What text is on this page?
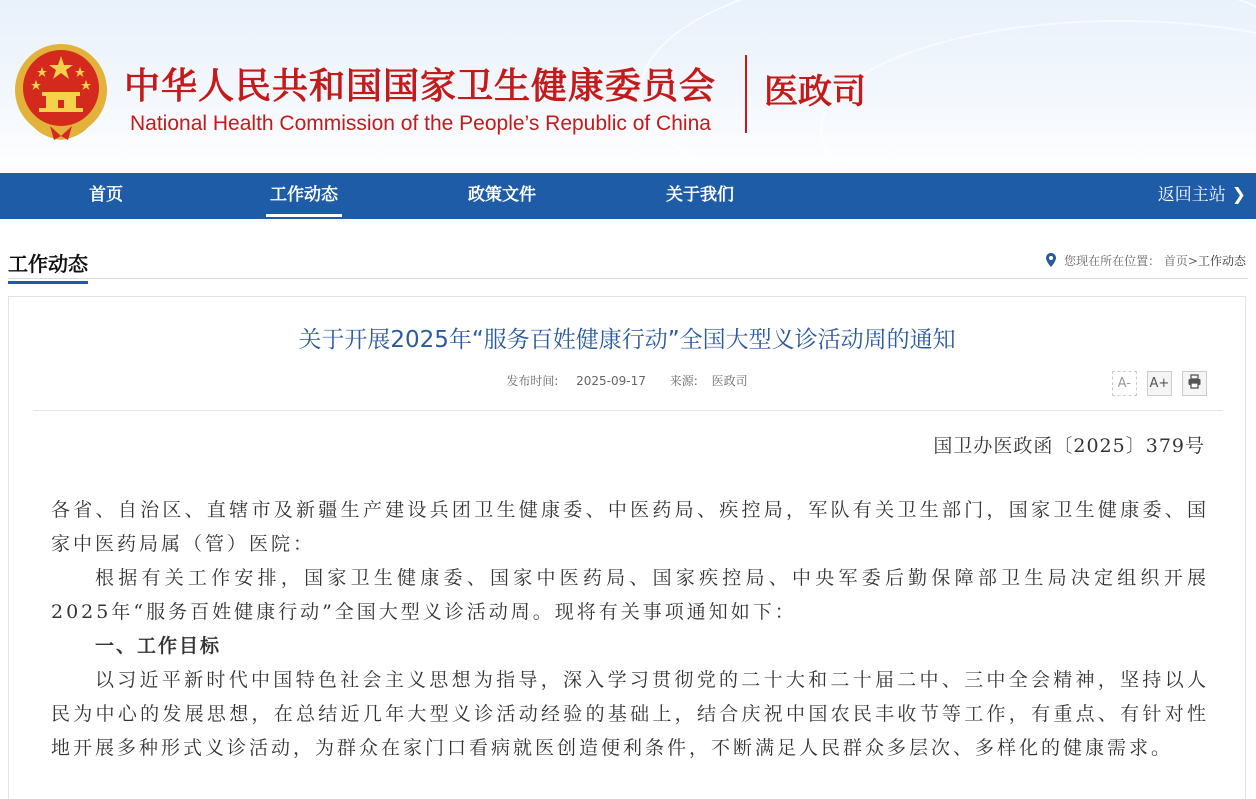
中华人民共和国国家卫生健康委员会
National Health Commission of the People’s Republic of China
医政司
首页	工作动态	政策文件	关于我们	返回主站 ❯
工作动态	您现在所在位置： 首页>工作动态
关于开展2025年“服务百姓健康行动”全国大型义诊活动周的通知
发布时间: 2025-09-17 来源: 医政司	A- A+
国卫办医政函〔2025〕379号

各省、自治区、直辖市及新疆生产建设兵团卫生健康委、中医药局、疾控局，军队有关卫生部门，国家卫生健康委、国家中医药局属（管）医院：

根据有关工作安排，国家卫生健康委、国家中医药局、国家疾控局、中央军委后勤保障部卫生局决定组织开展2025年“服务百姓健康行动”全国大型义诊活动周。现将有关事项通知如下：

一、工作目标

以习近平新时代中国特色社会主义思想为指导，深入学习贯彻党的二十大和二十届二中、三中全会精神，坚持以人民为中心的发展思想，在总结近几年大型义诊活动经验的基础上，结合庆祝中国农民丰收节等工作，有重点、有针对性地开展多种形式义诊活动，为群众在家门口看病就医创造便利条件，不断满足人民群众多层次、多样化的健康需求。
